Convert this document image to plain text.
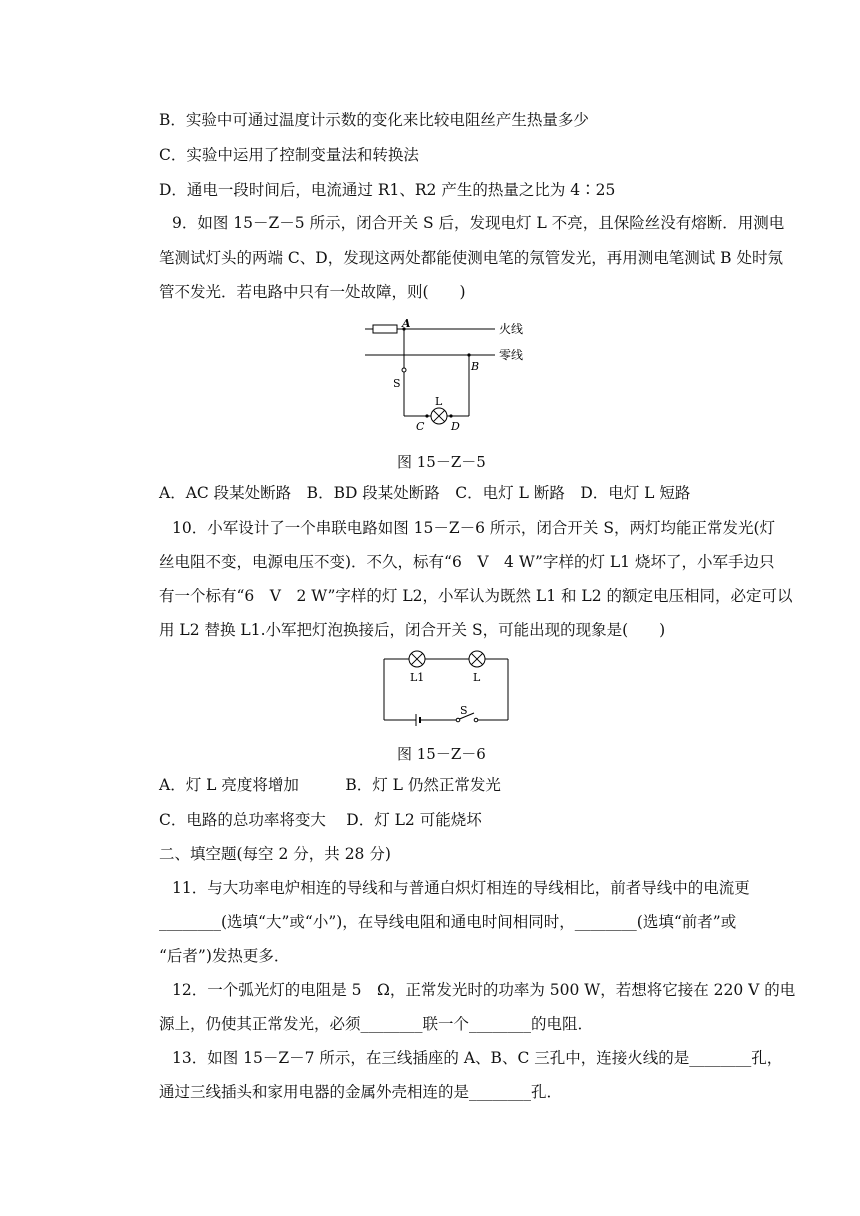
B．实验中可通过温度计示数的变化来比较电阻丝产生热量多少
C．实验中运用了控制变量法和转换法
D．通电一段时间后，电流通过 R1、R2 产生的热量之比为 4∶25
9．如图 15－Z－5 所示，闭合开关 S 后，发现电灯 L 不亮，且保险丝没有熔断．用测电
笔测试灯头的两端 C、D，发现这两处都能使测电笔的氖管发光，再用测电笔测试 B 处时氖
管不发光．若电路中只有一处故障，则(　　)
火线
零线
A
B
C D
S
L
图 15－Z－5
A．AC 段某处断路　B．BD 段某处断路　C．电灯 L 断路　D．电灯 L 短路
10．小军设计了一个串联电路如图 15－Z－6 所示，闭合开关 S，两灯均能正常发光(灯
丝电阻不变，电源电压不变)．不久，标有“6　V　4 W”字样的灯 L1 烧坏了，小军手边只
有一个标有“6　V　2 W”字样的灯 L2，小军认为既然 L1 和 L2 的额定电压相同，必定可以
用 L2 替换 L1.小军把灯泡换接后，闭合开关 S，可能出现的现象是(　　)
L1	L
S
图 15－Z－6
A．灯 L 亮度将增加　　　B．灯 L 仍然正常发光
C．电路的总功率将变大　 D．灯 L2 可能烧坏
二、填空题(每空 2 分，共 28 分)
11．与大功率电炉相连的导线和与普通白炽灯相连的导线相比，前者导线中的电流更
________(选填“大”或“小”)，在导线电阻和通电时间相同时，________(选填“前者”或
“后者”)发热更多．
12．一个弧光灯的电阻是 5　Ω，正常发光时的功率为 500 W，若想将它接在 220 V 的电
源上，仍使其正常发光，必须________联一个________的电阻．
13．如图 15－Z－7 所示，在三线插座的 A、B、C 三孔中，连接火线的是________孔，
通过三线插头和家用电器的金属外壳相连的是________孔．
